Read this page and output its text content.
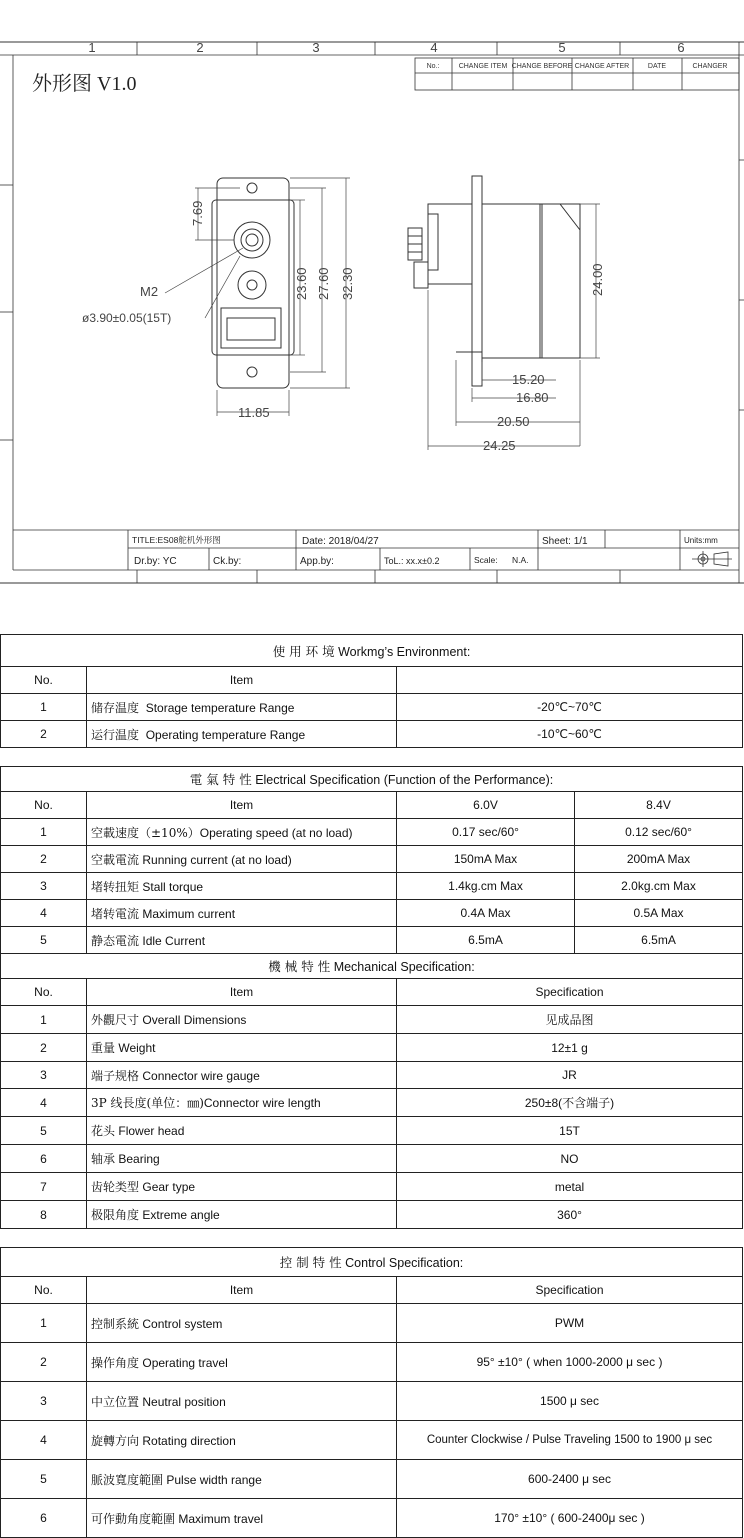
1	2	3	4	5	6
外形图 V1.0
No.:	CHANGE ITEM CHANGE BEFORE CHANGE AFTER	DATE	CHANGER
7.69
M2
ø3.90±0.05(15T)
23.60 27.60 32.30
11.85
24.00
15.20
16.80
20.50
24.25
TITLE:ES08舵机外形图	Date: 2018/04/27	Sheet: 1/1	Units:mm
Dr.by: YC	Ck.by:	App.by:	ToL.: xx.x±0.2	Scale: N.A.
使 用 环 境 Workmg’s Environment:		
No.	Item	
1	储存温度 Storage temperature Range	-20℃~70℃
2	运行温度 Operating temperature Range	-10℃~60℃
電 氣 特 性 Electrical Specification (Function of the Performance):			
No.	Item	6.0V	8.4V
1	空載速度（±10%）Operating speed (at no load)	0.17 sec/60°	0.12 sec/60°
2	空載電流 Running current (at no load)	150mA Max	200mA Max
3	堵转扭矩 Stall torque	1.4kg.cm Max	2.0kg.cm Max
4	堵转電流 Maximum current	0.4A Max	0.5A Max
5	静态電流 Idle Current	6.5mA	6.5mA
機 械 特 性 Mechanical Specification:			
No.	Item	Specification	
1	外觀尺寸 Overall Dimensions	见成品图	
2	重量 Weight	12±1 g	
3	端子规格 Connector wire gauge	JR	
4	3P 线長度(单位：㎜)Connector wire length	250±8(不含端子)	
5	花头 Flower head	15T	
6	轴承 Bearing	NO	
7	齿轮类型 Gear type	metal	
8	极限角度 Extreme angle	360°	
控 制 特 性 Control Specification:		
No.	Item	Specification
1	控制系統 Control system	PWM
2	操作角度 Operating travel	95° ±10° ( when 1000-2000 μ sec )
3	中立位置 Neutral position	1500 μ sec
4	旋轉方向 Rotating direction	Counter Clockwise / Pulse Traveling 1500 to 1900 μ sec
5	脈波寬度範圍 Pulse width range	600-2400 μ sec
6	可作動角度範圍 Maximum travel	170° ±10° ( 600-2400μ sec )
